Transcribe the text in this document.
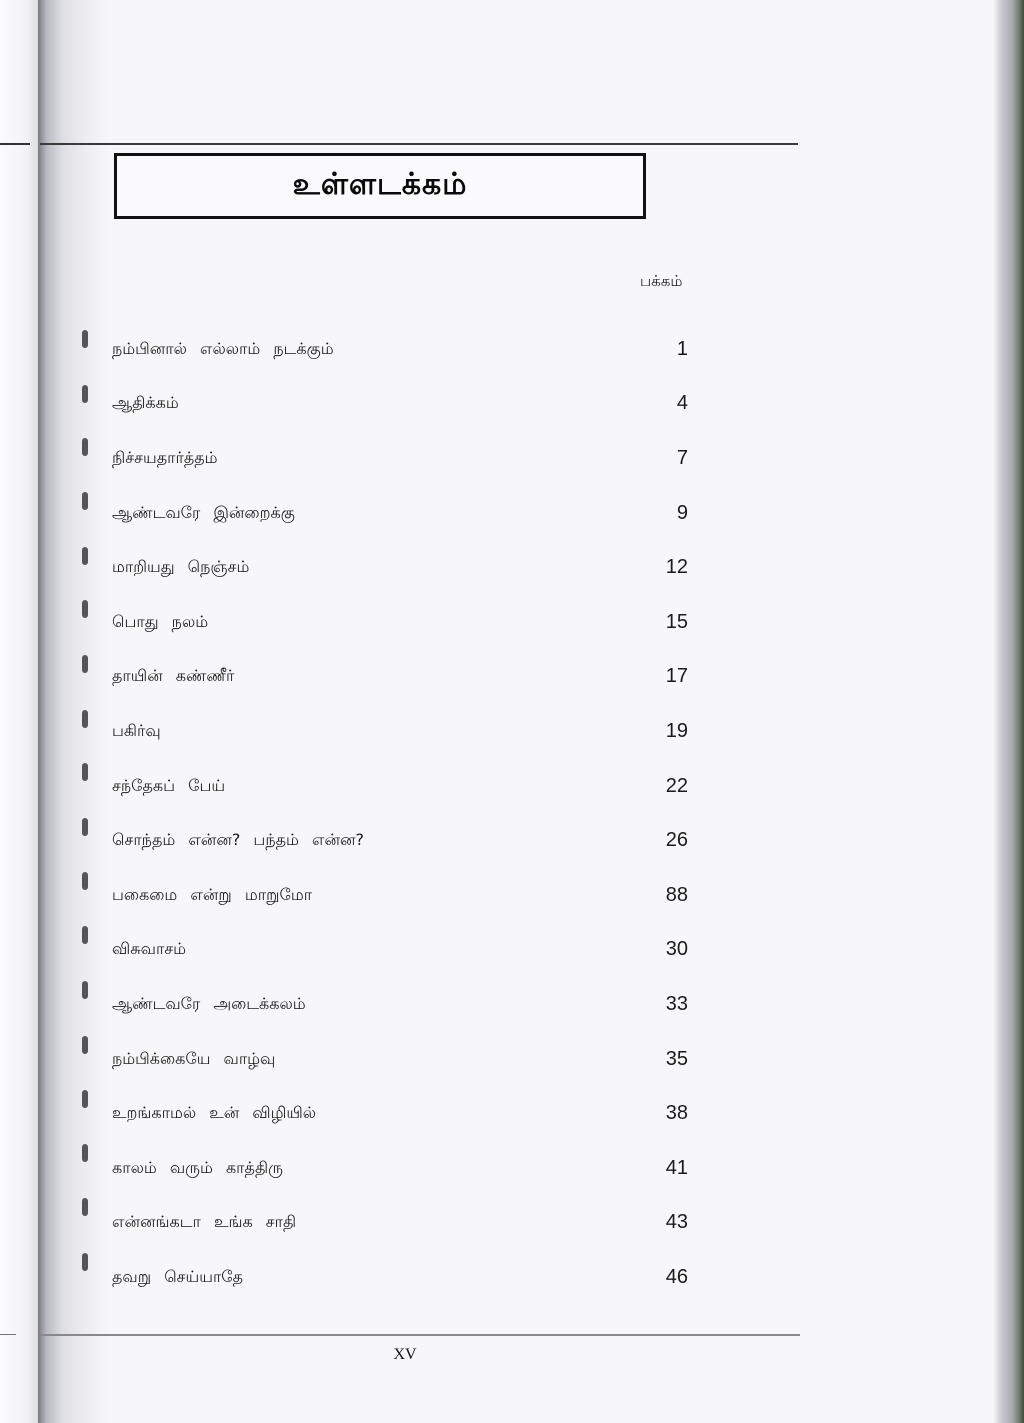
உள்ளடக்கம்
பக்கம்
நம்பினால் எல்லாம் நடக்கும்	1
ஆதிக்கம்	4
நிச்சயதார்த்தம்	7
ஆண்டவரே இன்றைக்கு	9
மாறியது நெஞ்சம்	12
பொது நலம்	15
தாயின் கண்ணீர்	17
பகிர்வு	19
சந்தேகப் பேய்	22
சொந்தம் என்ன? பந்தம் என்ன?	26
பகைமை என்று மாறுமோ	88
விசுவாசம்	30
ஆண்டவரே அடைக்கலம்	33
நம்பிக்கையே வாழ்வு	35
உறங்காமல் உன் விழியில்	38
காலம் வரும் காத்திரு	41
என்னங்கடா உங்க சாதி	43
தவறு செய்யாதே	46
XV
